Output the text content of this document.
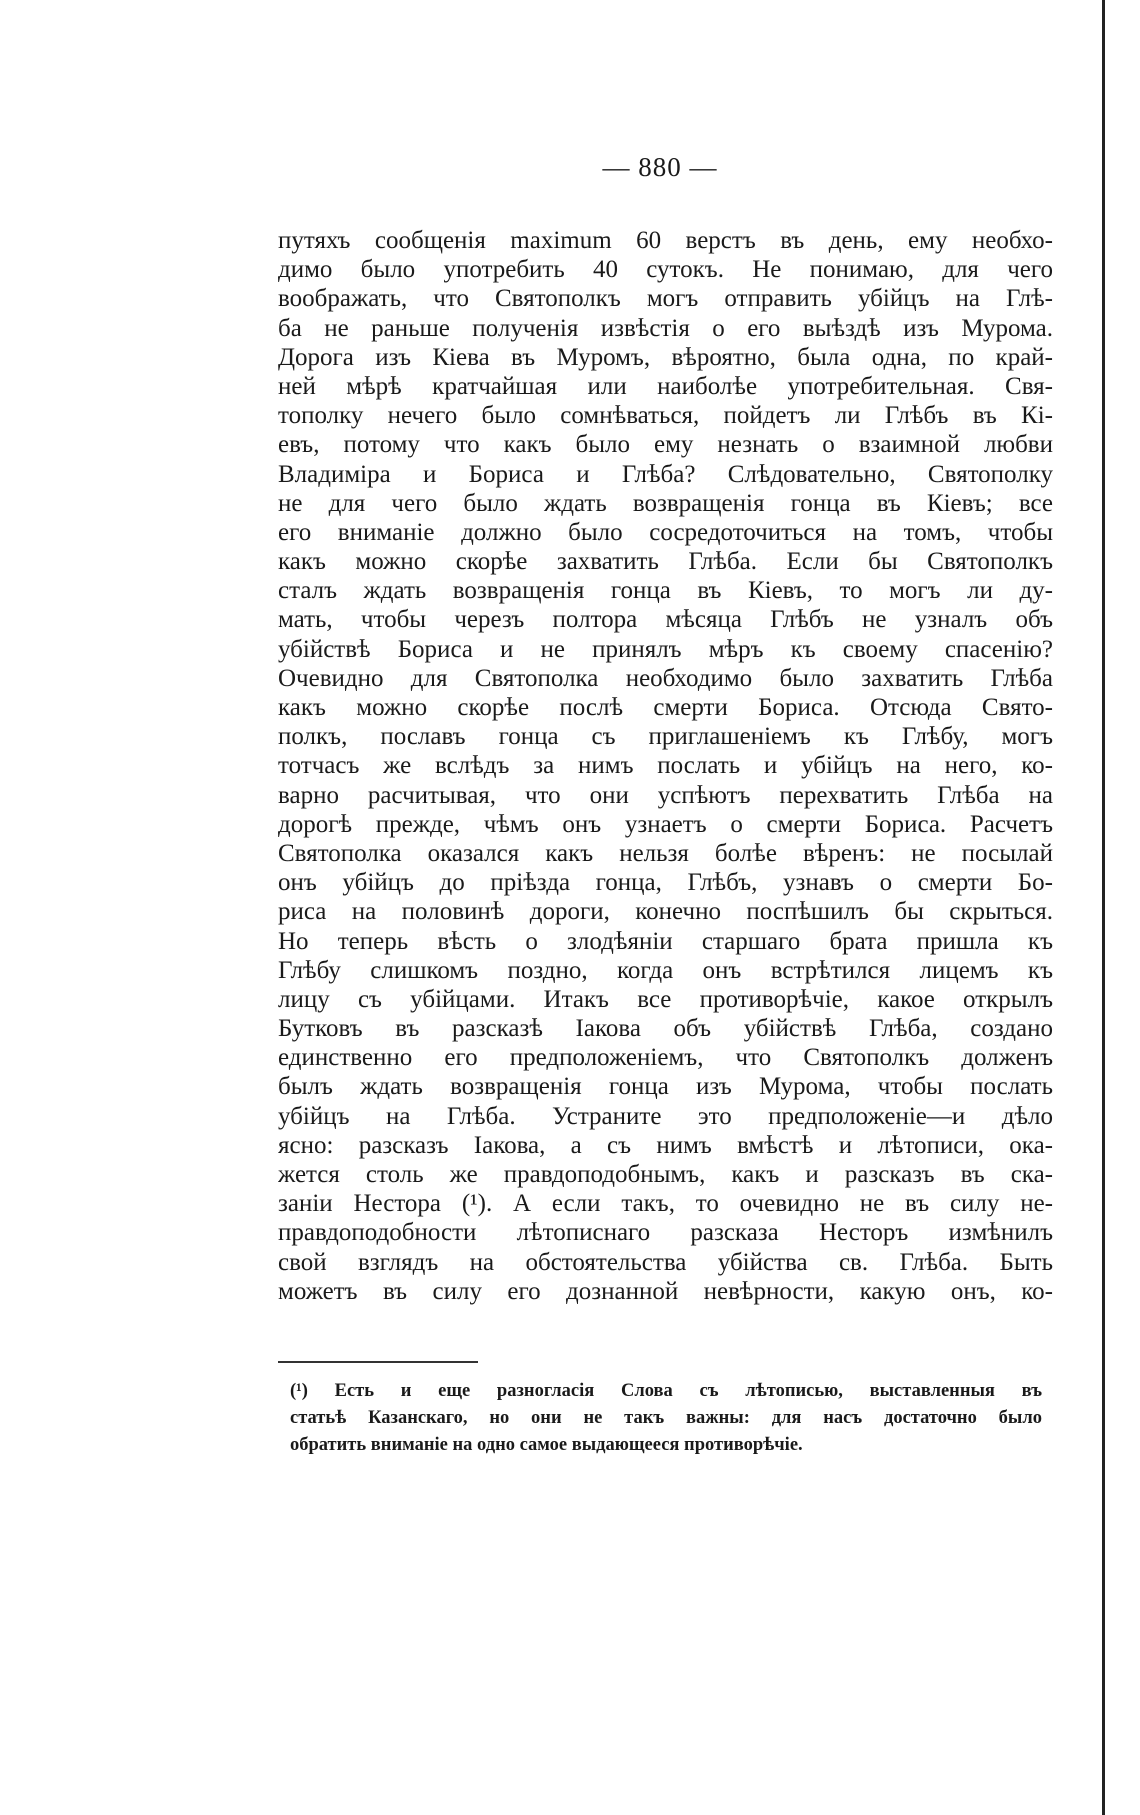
— 880 —
путяхъ сообщенія maximum 60 верстъ въ день, ему необхо-
димо было употребить 40 сутокъ. Не понимаю, для чего
воображать, что Святополкъ могъ отправить убійцъ на Глѣ-
ба не раньше полученія извѣстія о его выѣздѣ изъ Мурома.
Дорога изъ Кіева въ Муромъ, вѣроятно, была одна, по край-
ней мѣрѣ кратчайшая или наиболѣе употребительная. Свя-
тополку нечего было сомнѣваться, пойдетъ ли Глѣбъ въ Кі-
евъ, потому что какъ было ему незнать о взаимной любви
Владиміра и Бориса и Глѣба? Слѣдовательно, Святополку
не для чего было ждать возвращенія гонца въ Кіевъ; все
его вниманіе должно было сосредоточиться на томъ, чтобы
какъ можно скорѣе захватить Глѣба. Если бы Святополкъ
сталъ ждать возвращенія гонца въ Кіевъ, то могъ ли ду-
мать, чтобы черезъ полтора мѣсяца Глѣбъ не узналъ объ
убійствѣ Бориса и не принялъ мѣръ къ своему спасенію?
Очевидно для Святополка необходимо было захватить Глѣба
какъ можно скорѣе послѣ смерти Бориса. Отсюда Свято-
полкъ, пославъ гонца съ приглашеніемъ къ Глѣбу, могъ
тотчасъ же вслѣдъ за нимъ послать и убійцъ на него, ко-
варно расчитывая, что они успѣютъ перехватить Глѣба на
дорогѣ прежде, чѣмъ онъ узнаетъ о смерти Бориса. Расчетъ
Святополка оказался какъ нельзя болѣе вѣренъ: не посылай
онъ убійцъ до пріѣзда гонца, Глѣбъ, узнавъ о смерти Бо-
риса на половинѣ дороги, конечно поспѣшилъ бы скрыться.
Но теперь вѣсть о злодѣяніи старшаго брата пришла къ
Глѣбу слишкомъ поздно, когда онъ встрѣтился лицемъ къ
лицу съ убійцами. Итакъ все противорѣчіе, какое открылъ
Бутковъ въ разсказѣ Іакова объ убійствѣ Глѣба, создано
единственно его предположеніемъ, что Святополкъ долженъ
былъ ждать возвращенія гонца изъ Мурома, чтобы послать
убійцъ на Глѣба. Устраните это предположеніе—и дѣло
ясно: разсказъ Іакова, а съ нимъ вмѣстѣ и лѣтописи, ока-
жется столь же правдоподобнымъ, какъ и разсказъ въ ска-
заніи Нестора (¹). А если такъ, то очевидно не въ силу не-
правдоподобности лѣтописнаго разсказа Несторъ измѣнилъ
свой взглядъ на обстоятельства убійства св. Глѣба. Быть
можетъ въ силу его дознанной невѣрности, какую онъ, ко-
(¹) Есть и еще разногласія Слова съ лѣтописью, выставленныя въ
статьѣ Казанскаго, но они не такъ важны: для насъ достаточно было
обратить вниманіе на одно самое выдающееся противорѣчіе.
